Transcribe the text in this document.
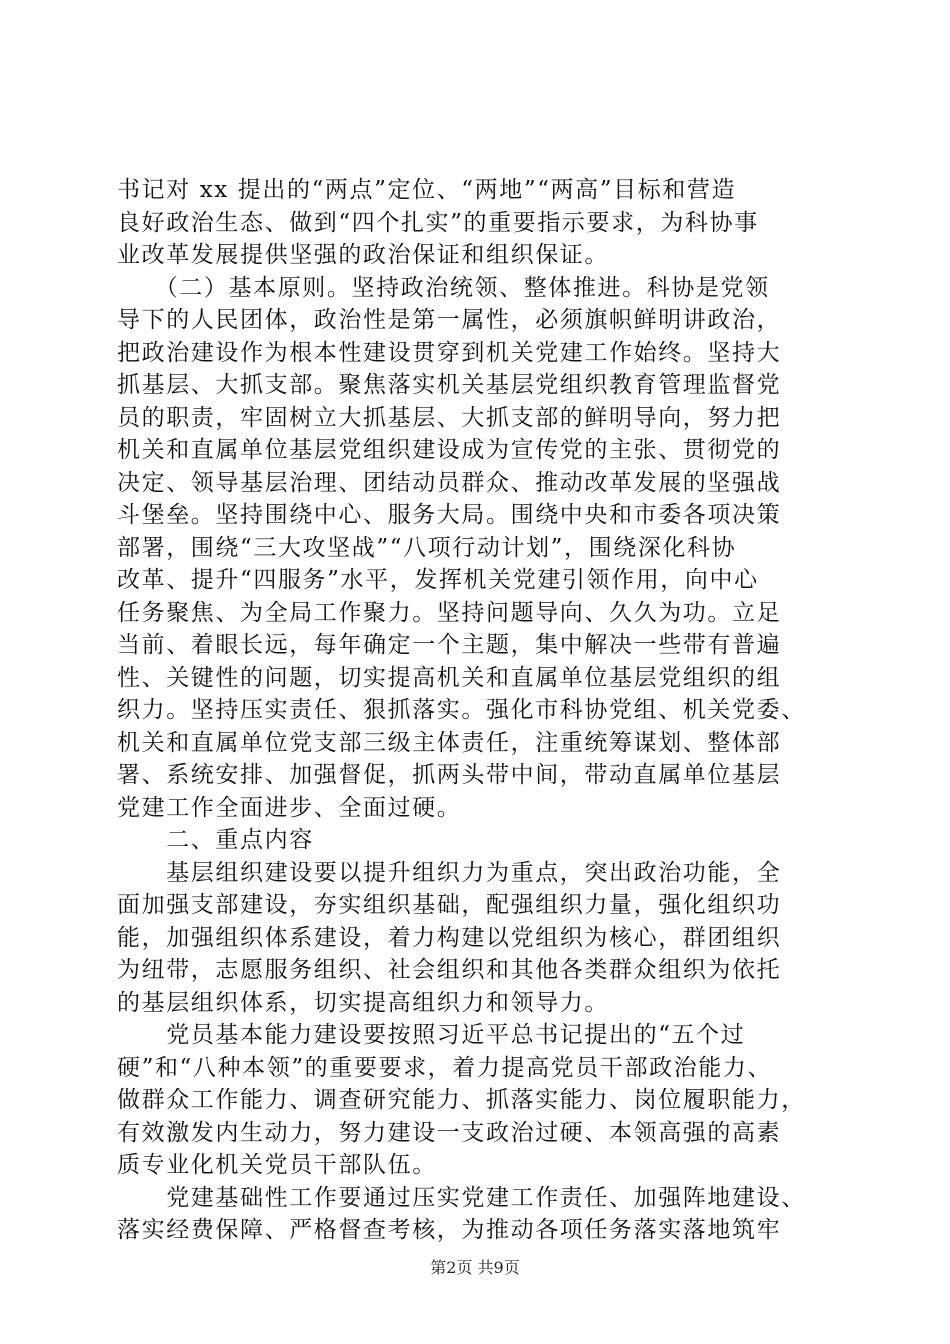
书记对 xx 提出的“两点”定位、“两地”“两高”目标和营造
良好政治生态、做到“四个扎实”的重要指示要求，为科协事
业改革发展提供坚强的政治保证和组织保证。
　　（二）基本原则。坚持政治统领、整体推进。科协是党领
导下的人民团体，政治性是第一属性，必须旗帜鲜明讲政治，
把政治建设作为根本性建设贯穿到机关党建工作始终。坚持大
抓基层、大抓支部。聚焦落实机关基层党组织教育管理监督党
员的职责，牢固树立大抓基层、大抓支部的鲜明导向，努力把
机关和直属单位基层党组织建设成为宣传党的主张、贯彻党的
决定、领导基层治理、团结动员群众、推动改革发展的坚强战
斗堡垒。坚持围绕中心、服务大局。围绕中央和市委各项决策
部署，围绕“三大攻坚战”“八项行动计划”，围绕深化科协
改革、提升“四服务”水平，发挥机关党建引领作用，向中心
任务聚焦、为全局工作聚力。坚持问题导向、久久为功。立足
当前、着眼长远，每年确定一个主题，集中解决一些带有普遍
性、关键性的问题，切实提高机关和直属单位基层党组织的组
织力。坚持压实责任、狠抓落实。强化市科协党组、机关党委、
机关和直属单位党支部三级主体责任，注重统筹谋划、整体部
署、系统安排、加强督促，抓两头带中间，带动直属单位基层
党建工作全面进步、全面过硬。
　　二、重点内容
　　基层组织建设要以提升组织力为重点，突出政治功能，全
面加强支部建设，夯实组织基础，配强组织力量，强化组织功
能，加强组织体系建设，着力构建以党组织为核心，群团组织
为纽带，志愿服务组织、社会组织和其他各类群众组织为依托
的基层组织体系，切实提高组织力和领导力。
　　党员基本能力建设要按照习近平总书记提出的“五个过
硬”和“八种本领”的重要要求，着力提高党员干部政治能力、
做群众工作能力、调查研究能力、抓落实能力、岗位履职能力，
有效激发内生动力，努力建设一支政治过硬、本领高强的高素
质专业化机关党员干部队伍。
　　党建基础性工作要通过压实党建工作责任、加强阵地建设、
落实经费保障、严格督查考核，为推动各项任务落实落地筑牢
第2页 共9页
